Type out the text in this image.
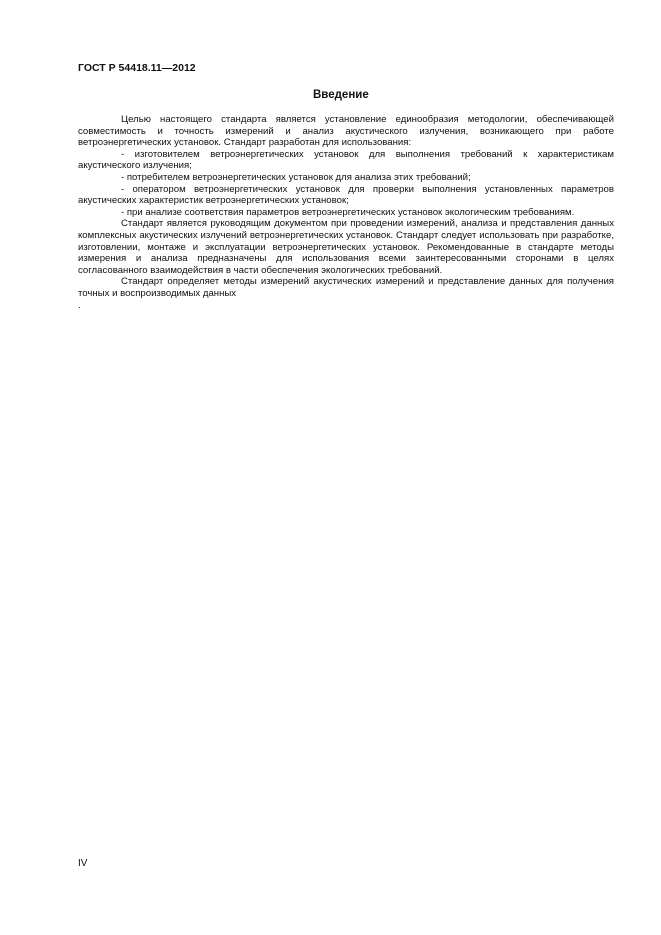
ГОСТ Р 54418.11—2012
Введение

Целью настоящего стандарта является установление единообразия методологии, обеспечивающей совместимость и точность измерений и анализ акустического излучения, возникающего при работе ветроэнергетических установок. Стандарт разработан для использования:

- изготовителем ветроэнергетических установок для выполнения требований к характеристикам акустического излучения;

- потребителем ветроэнергетических установок для анализа этих требований;

- оператором ветроэнергетических установок для проверки выполнения установленных параметров акустических характеристик ветроэнергетических установок;

- при анализе соответствия параметров ветроэнергетических установок экологическим требованиям.

Стандарт является руководящим документом при проведении измерений, анализа и представления данных комплексных акустических излучений ветроэнергетических установок. Стандарт следует использовать при разработке, изготовлении, монтаже и эксплуатации ветроэнергетических установок. Рекомендованные в стандарте методы измерения и анализа предназначены для использования всеми заинтересованными сторонами в целях согласованного взаимодействия в части обеспечения экологических требований.

Стандарт определяет методы измерений акустических измерений и представление данных для получения точных и воспроизводимых данных

.

IV
